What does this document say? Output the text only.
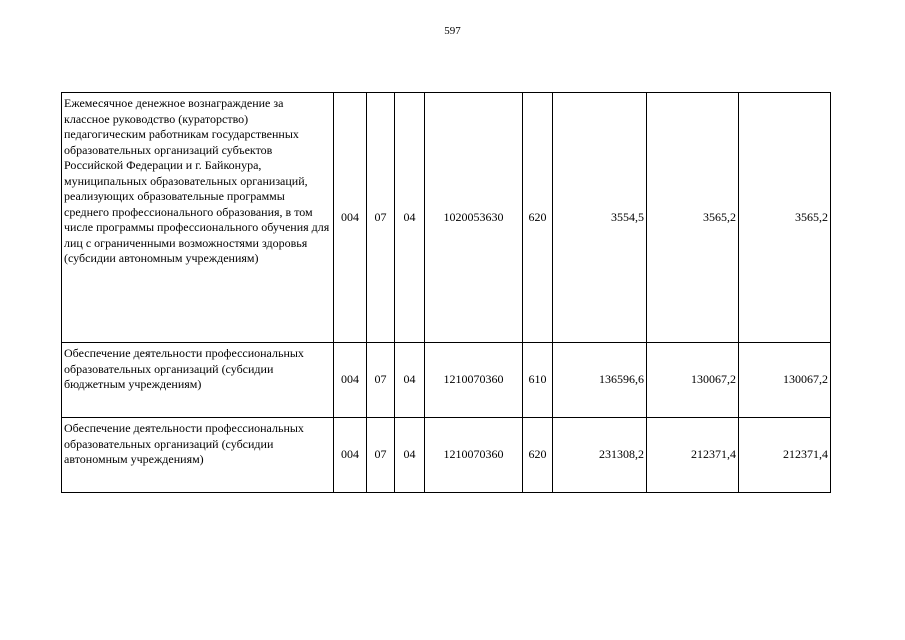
597
Ежемесячное денежное вознаграждение за классное руководство (кураторство) педагогическим работникам государственных образовательных организаций субъектов Российской Федерации и г. Байконура, муниципальных образовательных организаций, реализующих образовательные программы среднего профессионального образования, в том числе программы профессионального обучения для лиц с ограниченными возможностями здоровья (субсидии автономным учреждениям)	004	07	04	1020053630	620	3554,5	3565,2	3565,2
Обеспечение деятельности профессиональных образовательных организаций (субсидии бюджетным учреждениям)	004	07	04	1210070360	610	136596,6	130067,2	130067,2
Обеспечение деятельности профессиональных образовательных организаций (субсидии автономным учреждениям)	004	07	04	1210070360	620	231308,2	212371,4	212371,4
